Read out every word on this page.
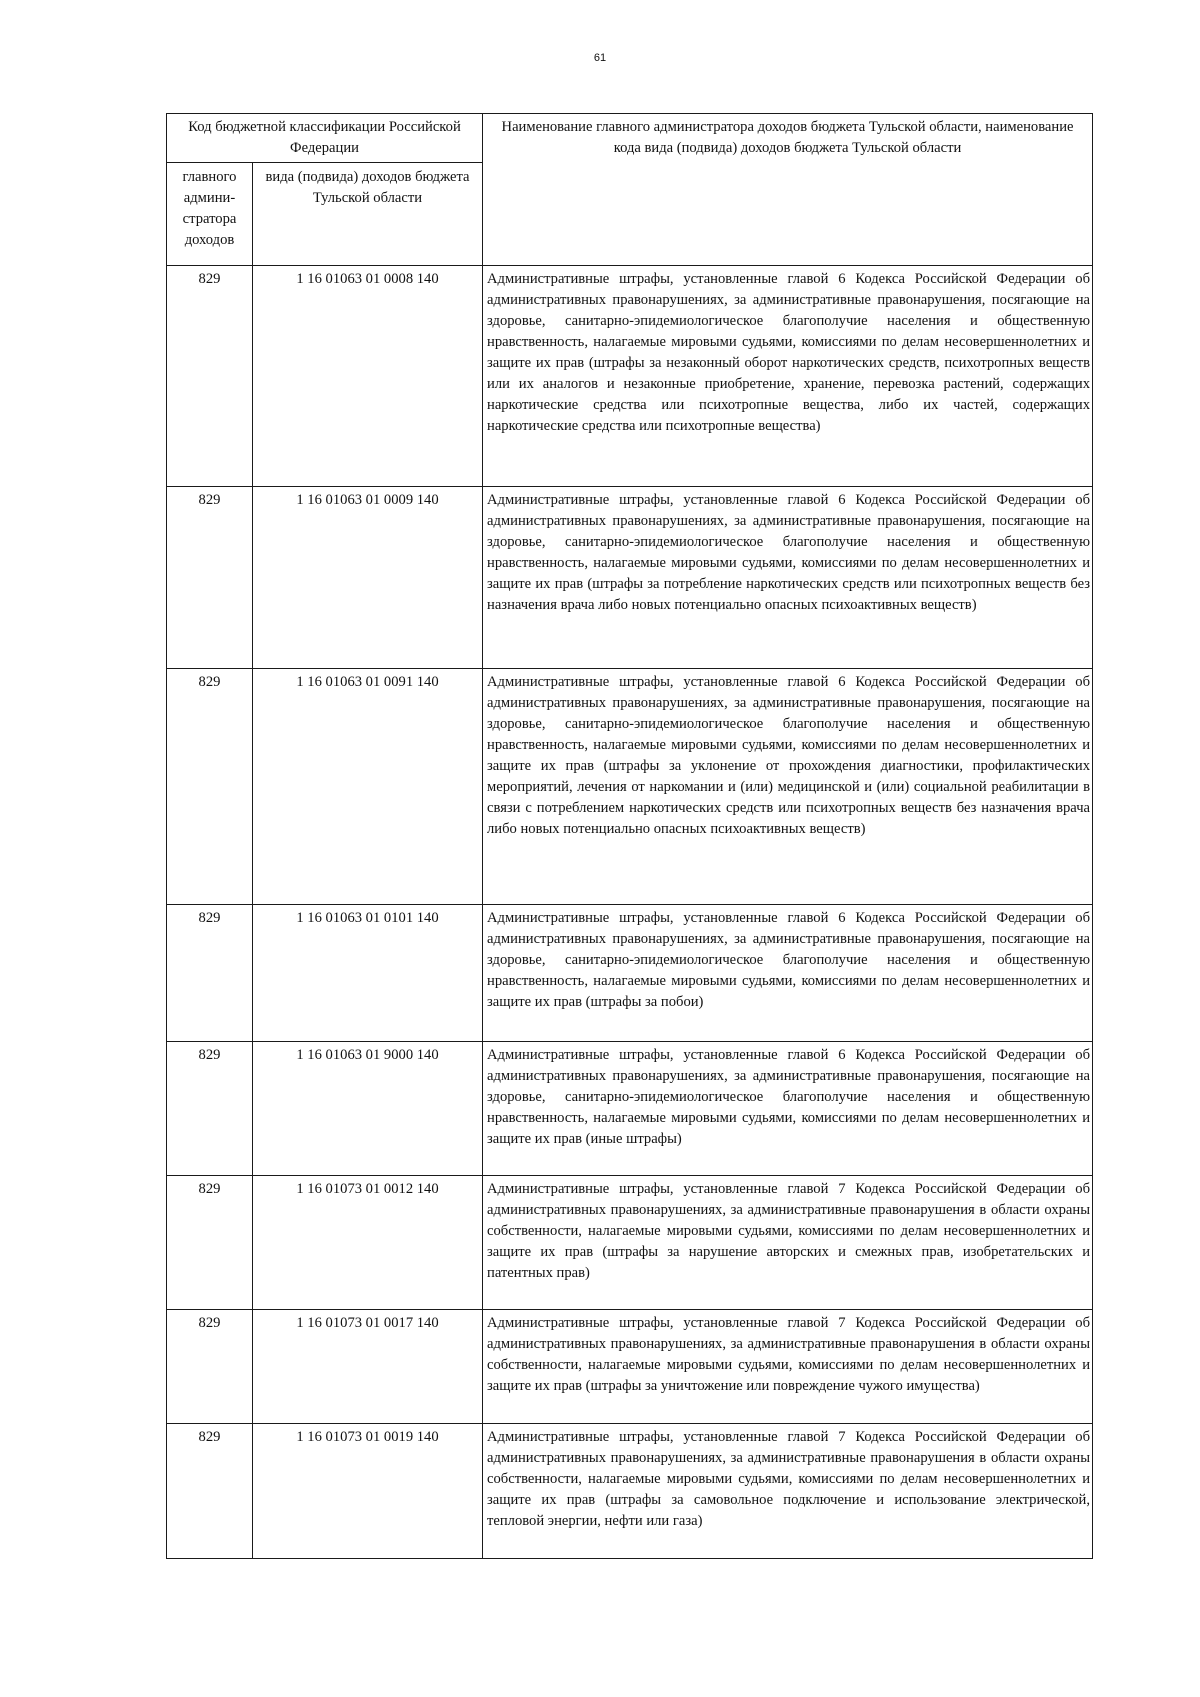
61
Код бюджетной классификации Российской Федерации		Наименование главного администратора доходов бюджета Тульской области, наименование кода вида (подвида) доходов бюджета Тульской области
главного админи-стратора доходов	вида (подвида) доходов бюджета Тульской области	
829	1 16 01063 01 0008 140	Административные штрафы, установленные главой 6 Кодекса Российской Федерации об административных правонарушениях, за административные правонарушения, посягающие на здоровье, санитарно-эпидемиологическое благополучие населения и общественную нравственность, налагаемые мировыми судьями, комиссиями по делам несовершеннолетних и защите их прав (штрафы за незаконный оборот наркотических средств, психотропных веществ или их аналогов и незаконные приобретение, хранение, перевозка растений, содержащих наркотические средства или психотропные вещества, либо их частей, содержащих наркотические средства или психотропные вещества)
829	1 16 01063 01 0009 140	Административные штрафы, установленные главой 6 Кодекса Российской Федерации об административных правонарушениях, за административные правонарушения, посягающие на здоровье, санитарно-эпидемиологическое благополучие населения и общественную нравственность, налагаемые мировыми судьями, комиссиями по делам несовершеннолетних и защите их прав (штрафы за потребление наркотических средств или психотропных веществ без назначения врача либо новых потенциально опасных психоактивных веществ)
829	1 16 01063 01 0091 140	Административные штрафы, установленные главой 6 Кодекса Российской Федерации об административных правонарушениях, за административные правонарушения, посягающие на здоровье, санитарно-эпидемиологическое благополучие населения и общественную нравственность, налагаемые мировыми судьями, комиссиями по делам несовершеннолетних и защите их прав (штрафы за уклонение от прохождения диагностики, профилактических мероприятий, лечения от наркомании и (или) медицинской и (или) социальной реабилитации в связи с потреблением наркотических средств или психотропных веществ без назначения врача либо новых потенциально опасных психоактивных веществ)
829	1 16 01063 01 0101 140	Административные штрафы, установленные главой 6 Кодекса Российской Федерации об административных правонарушениях, за административные правонарушения, посягающие на здоровье, санитарно-эпидемиологическое благополучие населения и общественную нравственность, налагаемые мировыми судьями, комиссиями по делам несовершеннолетних и защите их прав (штрафы за побои)
829	1 16 01063 01 9000 140	Административные штрафы, установленные главой 6 Кодекса Российской Федерации об административных правонарушениях, за административные правонарушения, посягающие на здоровье, санитарно-эпидемиологическое благополучие населения и общественную нравственность, налагаемые мировыми судьями, комиссиями по делам несовершеннолетних и защите их прав (иные штрафы)
829	1 16 01073 01 0012 140	Административные штрафы, установленные главой 7 Кодекса Российской Федерации об административных правонарушениях, за административные правонарушения в области охраны собственности, налагаемые мировыми судьями, комиссиями по делам несовершеннолетних и защите их прав (штрафы за нарушение авторских и смежных прав, изобретательских и патентных прав)
829	1 16 01073 01 0017 140	Административные штрафы, установленные главой 7 Кодекса Российской Федерации об административных правонарушениях, за административные правонарушения в области охраны собственности, налагаемые мировыми судьями, комиссиями по делам несовершеннолетних и защите их прав (штрафы за уничтожение или повреждение чужого имущества)
829	1 16 01073 01 0019 140	Административные штрафы, установленные главой 7 Кодекса Российской Федерации об административных правонарушениях, за административные правонарушения в области охраны собственности, налагаемые мировыми судьями, комиссиями по делам несовершеннолетних и защите их прав (штрафы за самовольное подключение и использование электрической, тепловой энергии, нефти или газа)
